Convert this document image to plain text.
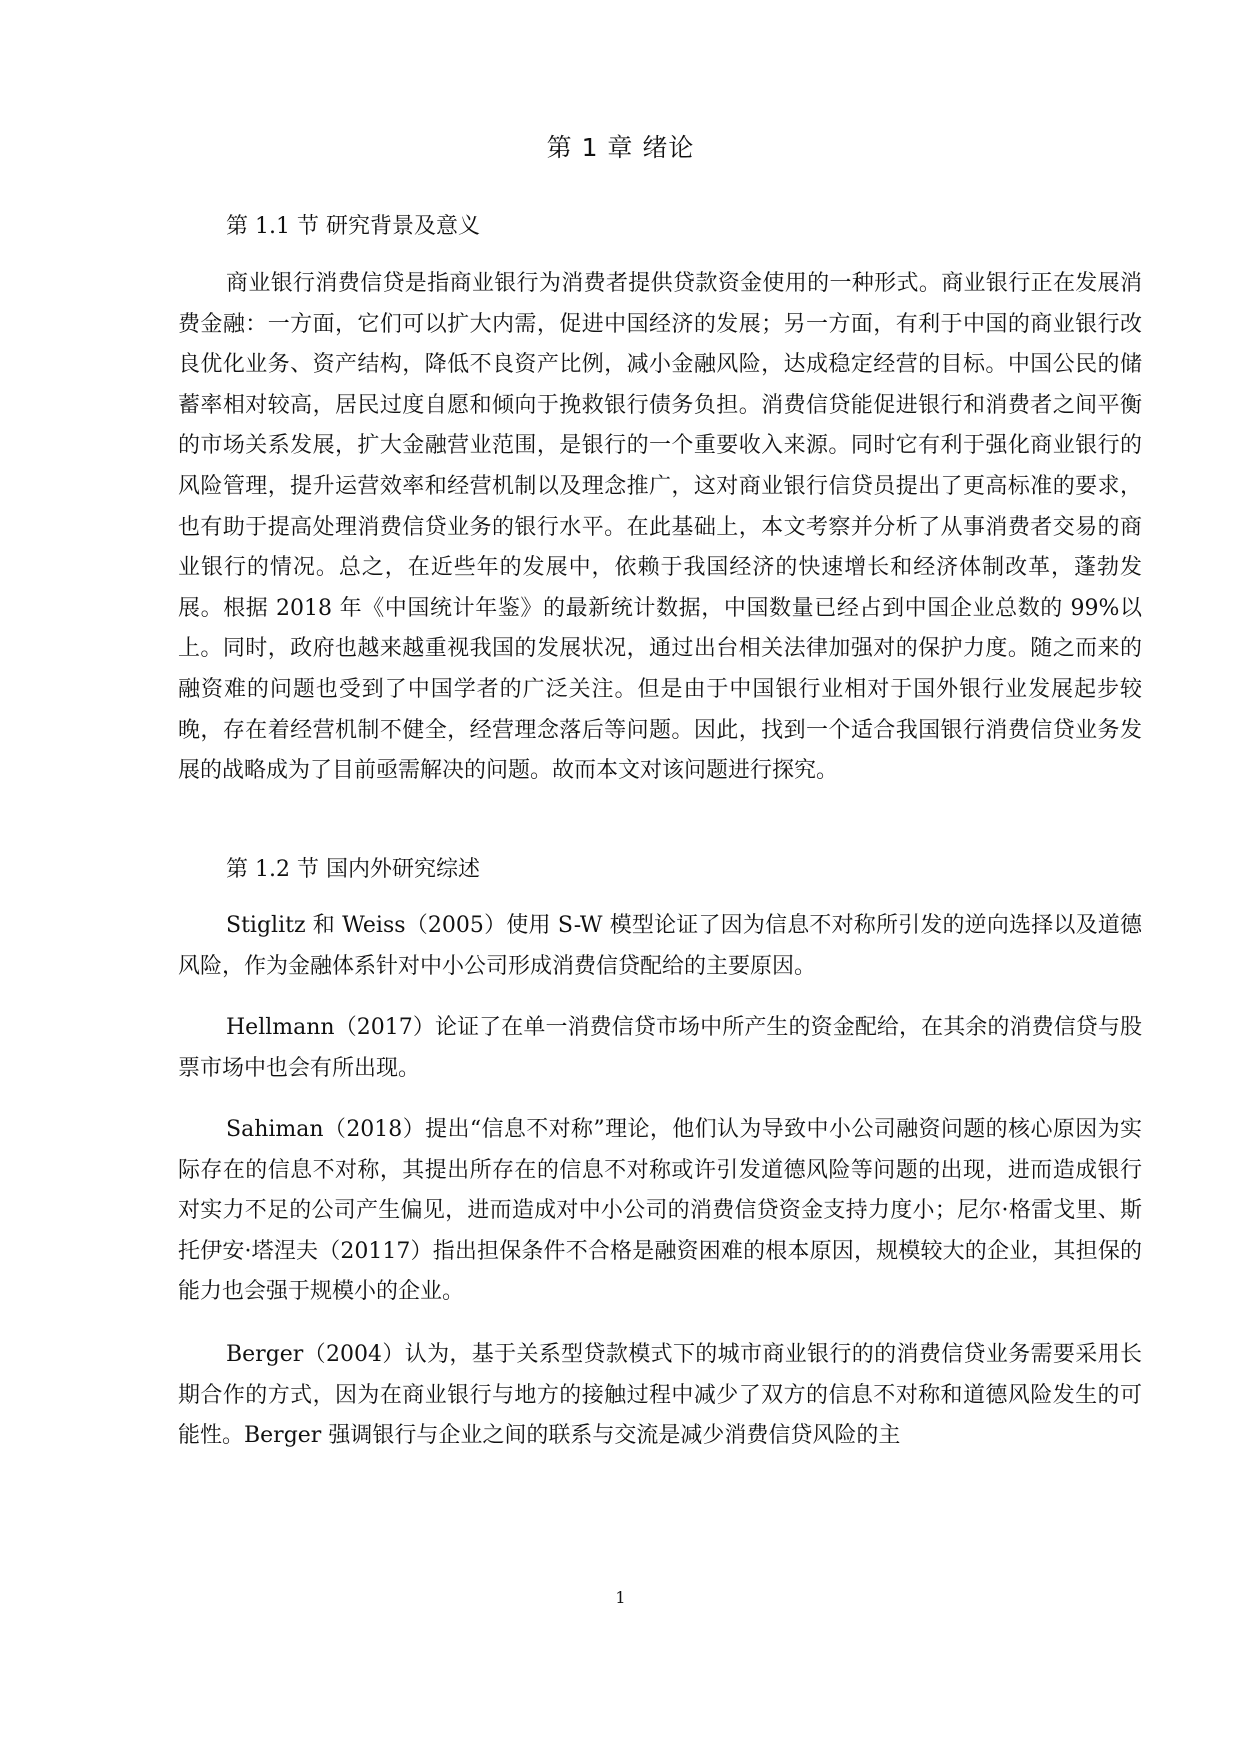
第 1 章 绪论
第 1.1 节 研究背景及意义
商业银行消费信贷是指商业银行为消费者提供贷款资金使用的一种形式。商业银行正在发展消费金融：一方面，它们可以扩大内需，促进中国经济的发展；另一方面，有利于中国的商业银行改良优化业务、资产结构，降低不良资产比例，减小金融风险，达成稳定经营的目标。中国公民的储蓄率相对较高，居民过度自愿和倾向于挽救银行债务负担。消费信贷能促进银行和消费者之间平衡的市场关系发展，扩大金融营业范围，是银行的一个重要收入来源。同时它有利于强化商业银行的风险管理，提升运营效率和经营机制以及理念推广，这对商业银行信贷员提出了更高标准的要求，也有助于提高处理消费信贷业务的银行水平。在此基础上，本文考察并分析了从事消费者交易的商业银行的情况。总之，在近些年的发展中，依赖于我国经济的快速增长和经济体制改革，蓬勃发展。根据 2018 年《中国统计年鉴》的最新统计数据，中国数量已经占到中国企业总数的 99%以上。同时，政府也越来越重视我国的发展状况，通过出台相关法律加强对的保护力度。随之而来的融资难的问题也受到了中国学者的广泛关注。但是由于中国银行业相对于国外银行业发展起步较晚，存在着经营机制不健全，经营理念落后等问题。因此，找到一个适合我国银行消费信贷业务发展的战略成为了目前亟需解决的问题。故而本文对该问题进行探究。
第 1.2 节 国内外研究综述
Stiglitz 和 Weiss（2005）使用 S-W 模型论证了因为信息不对称所引发的逆向选择以及道德风险，作为金融体系针对中小公司形成消费信贷配给的主要原因。
Hellmann（2017）论证了在单一消费信贷市场中所产生的资金配给，在其余的消费信贷与股票市场中也会有所出现。
Sahiman（2018）提出“信息不对称”理论，他们认为导致中小公司融资问题的核心原因为实际存在的信息不对称，其提出所存在的信息不对称或许引发道德风险等问题的出现，进而造成银行对实力不足的公司产生偏见，进而造成对中小公司的消费信贷资金支持力度小；尼尔·格雷戈里、斯托伊安·塔涅夫（20117）指出担保条件不合格是融资困难的根本原因，规模较大的企业，其担保的能力也会强于规模小的企业。
Berger（2004）认为，基于关系型贷款模式下的城市商业银行的的消费信贷业务需要采用长期合作的方式，因为在商业银行与地方的接触过程中减少了双方的信息不对称和道德风险发生的可能性。Berger 强调银行与企业之间的联系与交流是减少消费信贷风险的主
1
